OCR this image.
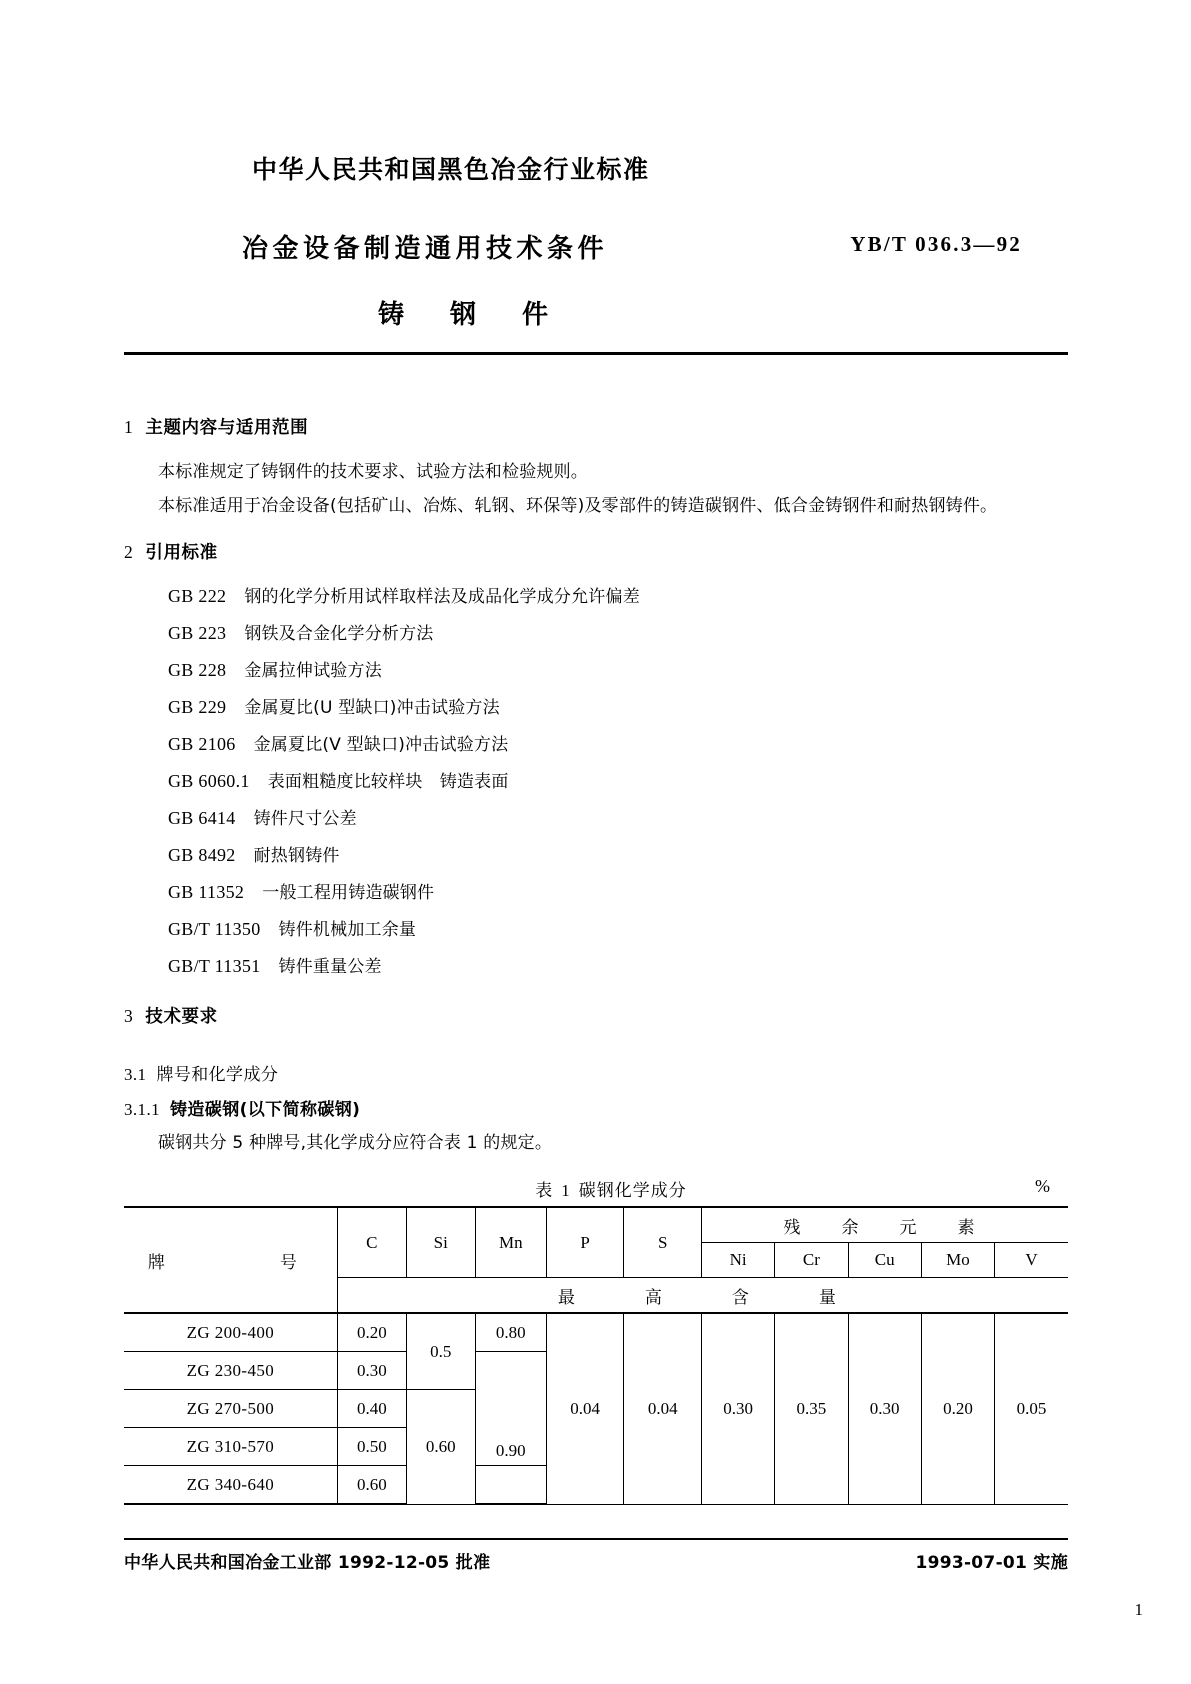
中华人民共和国黑色冶金行业标准
冶金设备制造通用技术条件	YB/T 036.3—92
铸　钢　件
1 主题内容与适用范围

本标准规定了铸钢件的技术要求、试验方法和检验规则。

本标准适用于冶金设备(包括矿山、冶炼、轧钢、环保等)及零部件的铸造碳钢件、低合金铸钢件和耐热钢铸件。

2 引用标准
GB 222 钢的化学分析用试样取样法及成品化学成分允许偏差
GB 223 钢铁及合金化学分析方法
GB 228 金属拉伸试验方法
GB 229 金属夏比(U 型缺口)冲击试验方法
GB 2106 金属夏比(V 型缺口)冲击试验方法
GB 6060.1 表面粗糙度比较样块　铸造表面
GB 6414 铸件尺寸公差
GB 8492 耐热钢铸件
GB 11352 一般工程用铸造碳钢件
GB/T 11350 铸件机械加工余量
GB/T 11351 铸件重量公差
3 技术要求
3.1 牌号和化学成分
3.1.1 铸造碳钢(以下简称碳钢)

碳钢共分 5 种牌号,其化学成分应符合表 1 的规定。

表 1 碳钢化学成分	%
牌　　　号	C	Si	Mn	P	S	残　余　元　素				
						Ni	Cr	Cu	Mo	V
	最　　高　　含　　量									
ZG 200-400	0.20	0.5	0.80	0.04	0.04	0.30	0.35	0.30	0.20	0.05
ZG 230-450	0.30		0.90							
ZG 270-500	0.40	0.60								
ZG 310-570	0.50									
ZG 340-640	0.60									
中华人民共和国冶金工业部 1992-12-05 批准	1993-07-01 实施
1
